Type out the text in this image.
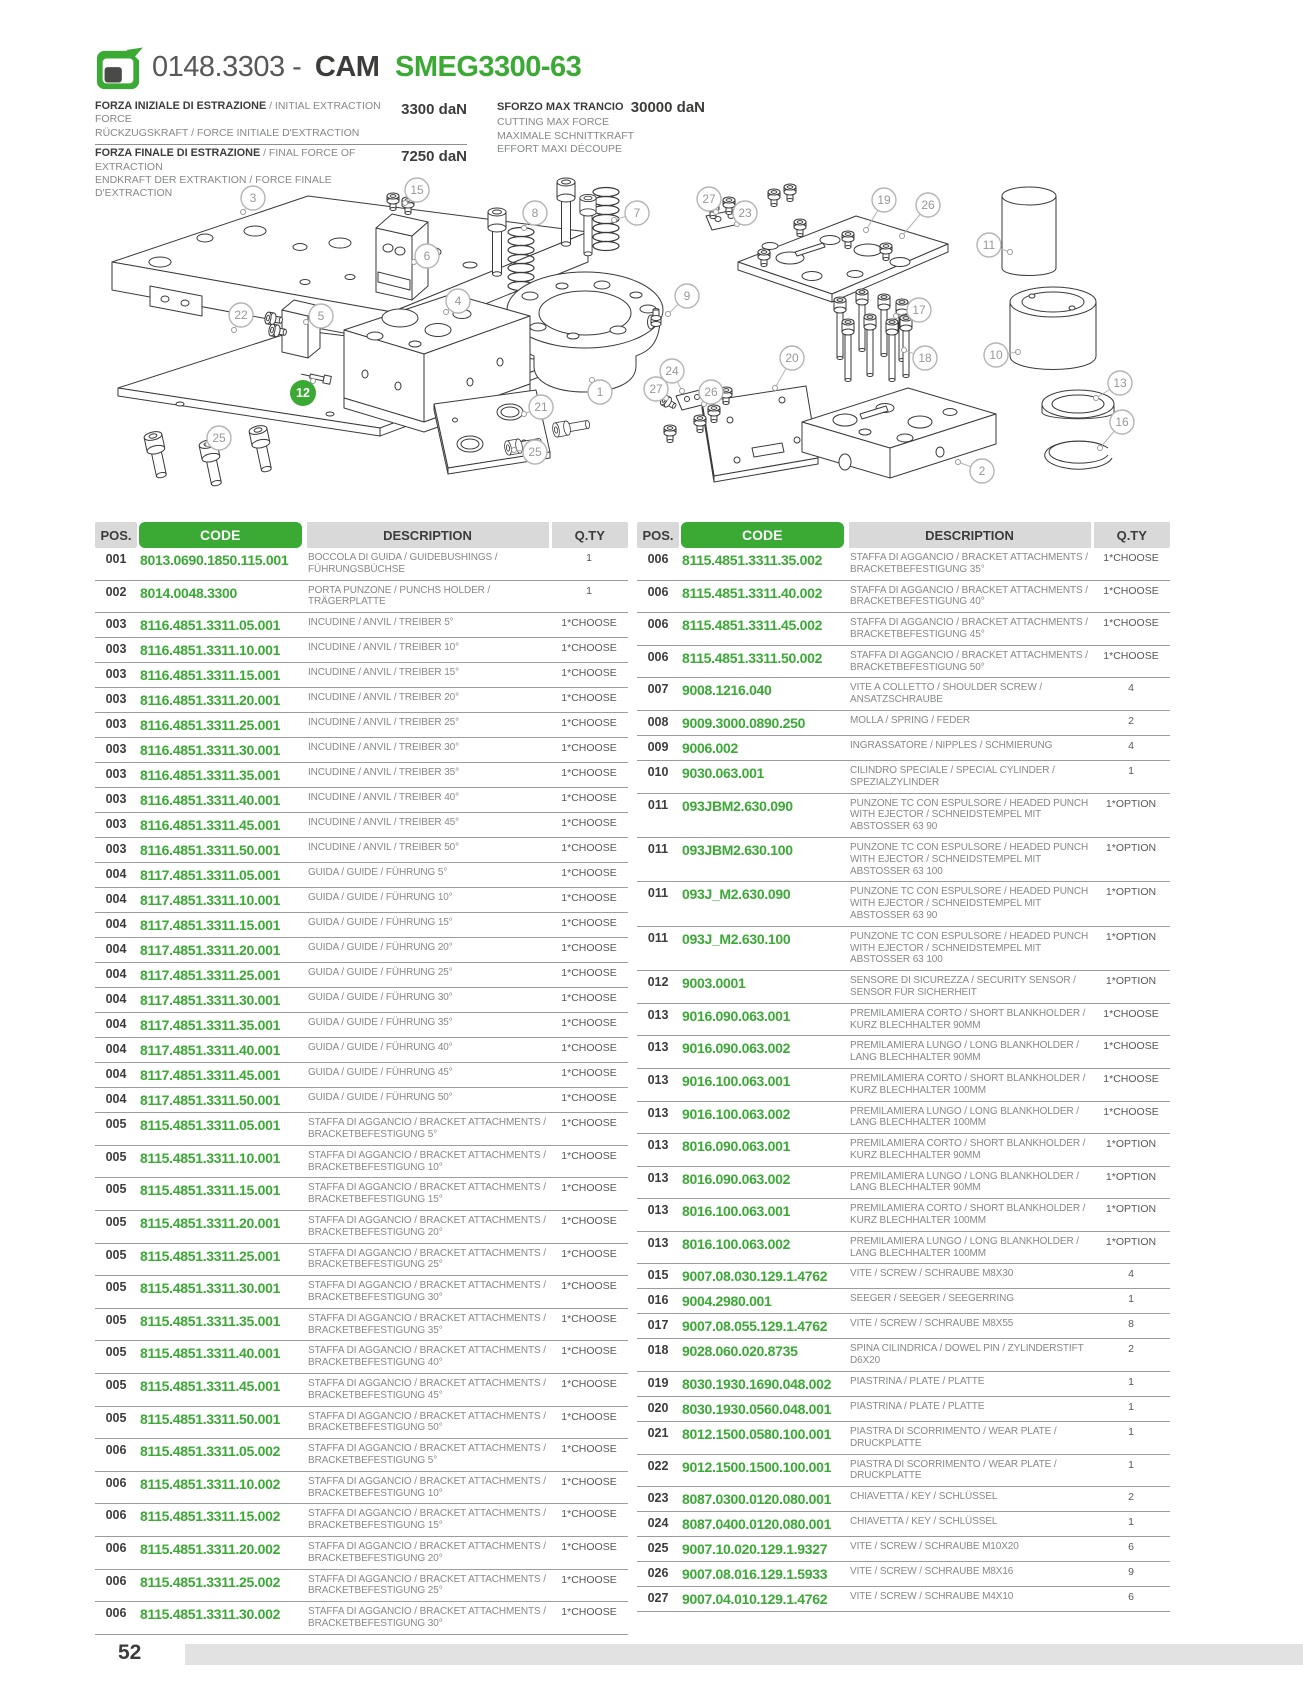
0148.3303 - CAM SMEG3300-63
FORZA INIZIALE DI ESTRAZIONE / INITIAL EXTRACTION FORCE
RÜCKZUGSKRAFT / FORCE INITIALE D'EXTRACTION
3300 daN
FORZA FINALE DI ESTRAZIONE / FINAL FORCE OF EXTRACTION
ENDKRAFT DER EXTRAKTION / FORCE FINALE D'EXTRACTION
7250 daN
SFORZO MAX TRANCIO 30000 daN
CUTTING MAX FORCE
MAXIMALE SCHNITTKRAFT
EFFORT MAXI DÉCOUPE
3
15
6
8	7
27
23
19	26
11
4	9
17
22	5
10
18
20
24
13
27	26
1
12
21
16
25
25
2
POS.	CODE	DESCRIPTION	Q.TY
001	8013.0690.1850.115.001	BOCCOLA DI GUIDA / GUIDEBUSHINGS / FÜHRUNGSBÜCHSE	1
002	8014.0048.3300	PORTA PUNZONE / PUNCHS HOLDER / TRÄGERPLATTE	1
003	8116.4851.3311.05.001	INCUDINE / ANVIL / TREIBER 5°	1*CHOOSE
003	8116.4851.3311.10.001	INCUDINE / ANVIL / TREIBER 10°	1*CHOOSE
003	8116.4851.3311.15.001	INCUDINE / ANVIL / TREIBER 15°	1*CHOOSE
003	8116.4851.3311.20.001	INCUDINE / ANVIL / TREIBER 20°	1*CHOOSE
003	8116.4851.3311.25.001	INCUDINE / ANVIL / TREIBER 25°	1*CHOOSE
003	8116.4851.3311.30.001	INCUDINE / ANVIL / TREIBER 30°	1*CHOOSE
003	8116.4851.3311.35.001	INCUDINE / ANVIL / TREIBER 35°	1*CHOOSE
003	8116.4851.3311.40.001	INCUDINE / ANVIL / TREIBER 40°	1*CHOOSE
003	8116.4851.3311.45.001	INCUDINE / ANVIL / TREIBER 45°	1*CHOOSE
003	8116.4851.3311.50.001	INCUDINE / ANVIL / TREIBER 50°	1*CHOOSE
004	8117.4851.3311.05.001	GUIDA / GUIDE / FÜHRUNG 5°	1*CHOOSE
004	8117.4851.3311.10.001	GUIDA / GUIDE / FÜHRUNG 10°	1*CHOOSE
004	8117.4851.3311.15.001	GUIDA / GUIDE / FÜHRUNG 15°	1*CHOOSE
004	8117.4851.3311.20.001	GUIDA / GUIDE / FÜHRUNG 20°	1*CHOOSE
004	8117.4851.3311.25.001	GUIDA / GUIDE / FÜHRUNG 25°	1*CHOOSE
004	8117.4851.3311.30.001	GUIDA / GUIDE / FÜHRUNG 30°	1*CHOOSE
004	8117.4851.3311.35.001	GUIDA / GUIDE / FÜHRUNG 35°	1*CHOOSE
004	8117.4851.3311.40.001	GUIDA / GUIDE / FÜHRUNG 40°	1*CHOOSE
004	8117.4851.3311.45.001	GUIDA / GUIDE / FÜHRUNG 45°	1*CHOOSE
004	8117.4851.3311.50.001	GUIDA / GUIDE / FÜHRUNG 50°	1*CHOOSE
005	8115.4851.3311.05.001	STAFFA DI AGGANCIO / BRACKET ATTACHMENTS / BRACKETBEFESTIGUNG 5°	1*CHOOSE
005	8115.4851.3311.10.001	STAFFA DI AGGANCIO / BRACKET ATTACHMENTS / BRACKETBEFESTIGUNG 10°	1*CHOOSE
005	8115.4851.3311.15.001	STAFFA DI AGGANCIO / BRACKET ATTACHMENTS / BRACKETBEFESTIGUNG 15°	1*CHOOSE
005	8115.4851.3311.20.001	STAFFA DI AGGANCIO / BRACKET ATTACHMENTS / BRACKETBEFESTIGUNG 20°	1*CHOOSE
005	8115.4851.3311.25.001	STAFFA DI AGGANCIO / BRACKET ATTACHMENTS / BRACKETBEFESTIGUNG 25°	1*CHOOSE
005	8115.4851.3311.30.001	STAFFA DI AGGANCIO / BRACKET ATTACHMENTS / BRACKETBEFESTIGUNG 30°	1*CHOOSE
005	8115.4851.3311.35.001	STAFFA DI AGGANCIO / BRACKET ATTACHMENTS / BRACKETBEFESTIGUNG 35°	1*CHOOSE
005	8115.4851.3311.40.001	STAFFA DI AGGANCIO / BRACKET ATTACHMENTS / BRACKETBEFESTIGUNG 40°	1*CHOOSE
005	8115.4851.3311.45.001	STAFFA DI AGGANCIO / BRACKET ATTACHMENTS / BRACKETBEFESTIGUNG 45°	1*CHOOSE
005	8115.4851.3311.50.001	STAFFA DI AGGANCIO / BRACKET ATTACHMENTS / BRACKETBEFESTIGUNG 50°	1*CHOOSE
006	8115.4851.3311.05.002	STAFFA DI AGGANCIO / BRACKET ATTACHMENTS / BRACKETBEFESTIGUNG 5°	1*CHOOSE
006	8115.4851.3311.10.002	STAFFA DI AGGANCIO / BRACKET ATTACHMENTS / BRACKETBEFESTIGUNG 10°	1*CHOOSE
006	8115.4851.3311.15.002	STAFFA DI AGGANCIO / BRACKET ATTACHMENTS / BRACKETBEFESTIGUNG 15°	1*CHOOSE
006	8115.4851.3311.20.002	STAFFA DI AGGANCIO / BRACKET ATTACHMENTS / BRACKETBEFESTIGUNG 20°	1*CHOOSE
006	8115.4851.3311.25.002	STAFFA DI AGGANCIO / BRACKET ATTACHMENTS / BRACKETBEFESTIGUNG 25°	1*CHOOSE
006	8115.4851.3311.30.002	STAFFA DI AGGANCIO / BRACKET ATTACHMENTS / BRACKETBEFESTIGUNG 30°	1*CHOOSE
POS.	CODE	DESCRIPTION	Q.TY
006	8115.4851.3311.35.002	STAFFA DI AGGANCIO / BRACKET ATTACHMENTS / BRACKETBEFESTIGUNG 35°	1*CHOOSE
006	8115.4851.3311.40.002	STAFFA DI AGGANCIO / BRACKET ATTACHMENTS / BRACKETBEFESTIGUNG 40°	1*CHOOSE
006	8115.4851.3311.45.002	STAFFA DI AGGANCIO / BRACKET ATTACHMENTS / BRACKETBEFESTIGUNG 45°	1*CHOOSE
006	8115.4851.3311.50.002	STAFFA DI AGGANCIO / BRACKET ATTACHMENTS / BRACKETBEFESTIGUNG 50°	1*CHOOSE
007	9008.1216.040	VITE A COLLETTO / SHOULDER SCREW / ANSATZSCHRAUBE	4
008	9009.3000.0890.250	MOLLA / SPRING / FEDER	2
009	9006.002	INGRASSATORE / NIPPLES / SCHMIERUNG	4
010	9030.063.001	CILINDRO SPECIALE / SPECIAL CYLINDER / SPEZIALZYLINDER	1
011	093JBM2.630.090	PUNZONE TC CON ESPULSORE / HEADED PUNCH WITH EJECTOR / SCHNEIDSTEMPEL MIT ABSTOSSER 63 90	1*OPTION
011	093JBM2.630.100	PUNZONE TC CON ESPULSORE / HEADED PUNCH WITH EJECTOR / SCHNEIDSTEMPEL MIT ABSTOSSER 63 100	1*OPTION
011	093J_M2.630.090	PUNZONE TC CON ESPULSORE / HEADED PUNCH WITH EJECTOR / SCHNEIDSTEMPEL MIT ABSTOSSER 63 90	1*OPTION
011	093J_M2.630.100	PUNZONE TC CON ESPULSORE / HEADED PUNCH WITH EJECTOR / SCHNEIDSTEMPEL MIT ABSTOSSER 63 100	1*OPTION
012	9003.0001	SENSORE DI SICUREZZA / SECURITY SENSOR / SENSOR FÜR SICHERHEIT	1*OPTION
013	9016.090.063.001	PREMILAMIERA CORTO / SHORT BLANKHOLDER / KURZ BLECHHALTER 90MM	1*CHOOSE
013	9016.090.063.002	PREMILAMIERA LUNGO / LONG BLANKHOLDER / LANG BLECHHALTER 90MM	1*CHOOSE
013	9016.100.063.001	PREMILAMIERA CORTO / SHORT BLANKHOLDER / KURZ BLECHHALTER 100MM	1*CHOOSE
013	9016.100.063.002	PREMILAMIERA LUNGO / LONG BLANKHOLDER / LANG BLECHHALTER 100MM	1*CHOOSE
013	8016.090.063.001	PREMILAMIERA CORTO / SHORT BLANKHOLDER / KURZ BLECHHALTER 90MM	1*OPTION
013	8016.090.063.002	PREMILAMIERA LUNGO / LONG BLANKHOLDER / LANG BLECHHALTER 90MM	1*OPTION
013	8016.100.063.001	PREMILAMIERA CORTO / SHORT BLANKHOLDER / KURZ BLECHHALTER 100MM	1*OPTION
013	8016.100.063.002	PREMILAMIERA LUNGO / LONG BLANKHOLDER / LANG BLECHHALTER 100MM	1*OPTION
015	9007.08.030.129.1.4762	VITE / SCREW / SCHRAUBE M8X30	4
016	9004.2980.001	SEEGER / SEEGER / SEEGERRING	1
017	9007.08.055.129.1.4762	VITE / SCREW / SCHRAUBE M8X55	8
018	9028.060.020.8735	SPINA CILINDRICA / DOWEL PIN / ZYLINDERSTIFT D6X20	2
019	8030.1930.1690.048.002	PIASTRINA / PLATE / PLATTE	1
020	8030.1930.0560.048.001	PIASTRINA / PLATE / PLATTE	1
021	8012.1500.0580.100.001	PIASTRA DI SCORRIMENTO / WEAR PLATE / DRUCKPLATTE	1
022	9012.1500.1500.100.001	PIASTRA DI SCORRIMENTO / WEAR PLATE / DRUCKPLATTE	1
023	8087.0300.0120.080.001	CHIAVETTA / KEY / SCHLÜSSEL	2
024	8087.0400.0120.080.001	CHIAVETTA / KEY / SCHLÜSSEL	1
025	9007.10.020.129.1.9327	VITE / SCREW / SCHRAUBE M10X20	6
026	9007.08.016.129.1.5933	VITE / SCREW / SCHRAUBE M8X16	9
027	9007.04.010.129.1.4762	VITE / SCREW / SCHRAUBE M4X10	6
52
